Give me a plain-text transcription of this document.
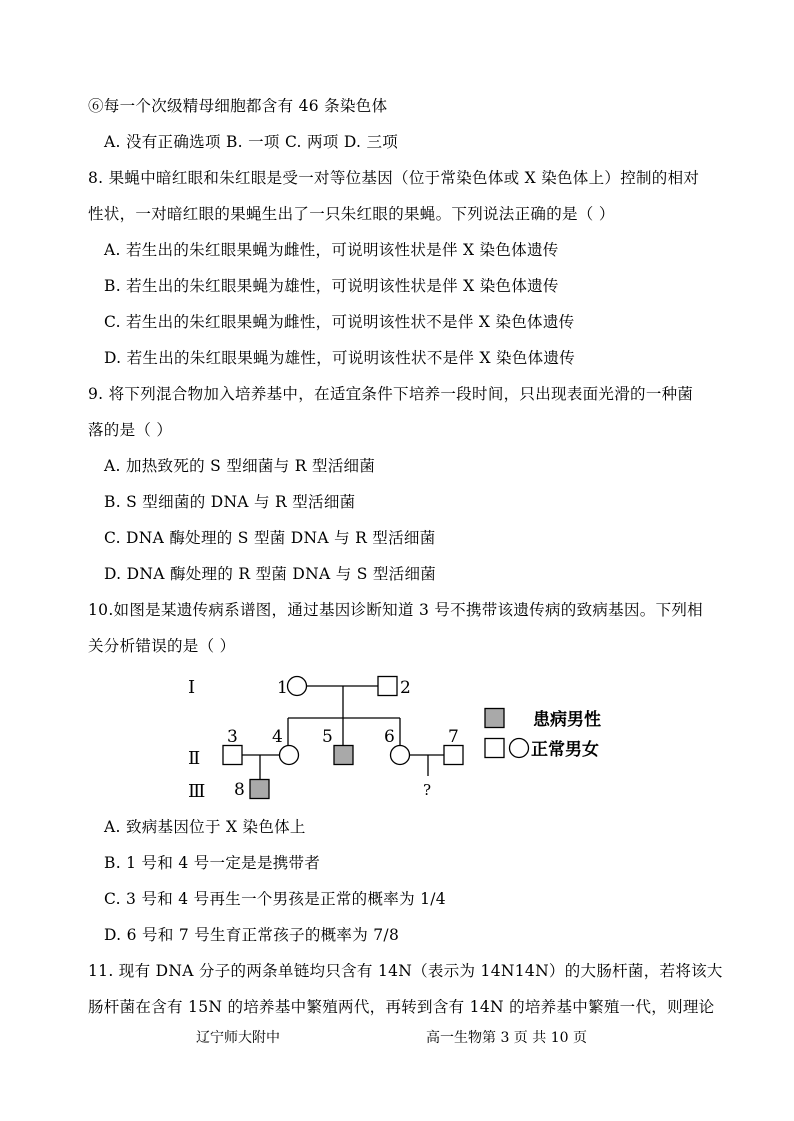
⑥每一个次级精母细胞都含有 46 条染色体
A. 没有正确选项 B. 一项 C. 两项 D. 三项
8. 果蝇中暗红眼和朱红眼是受一对等位基因（位于常染色体或 X 染色体上）控制的相对
性状，一对暗红眼的果蝇生出了一只朱红眼的果蝇。下列说法正确的是（ ）
A. 若生出的朱红眼果蝇为雌性，可说明该性状是伴 X 染色体遗传
B. 若生出的朱红眼果蝇为雄性，可说明该性状是伴 X 染色体遗传
C. 若生出的朱红眼果蝇为雌性，可说明该性状不是伴 X 染色体遗传
D. 若生出的朱红眼果蝇为雄性，可说明该性状不是伴 X 染色体遗传
9. 将下列混合物加入培养基中，在适宜条件下培养一段时间，只出现表面光滑的一种菌
落的是（ ）
A. 加热致死的 S 型细菌与 R 型活细菌
B. S 型细菌的 DNA 与 R 型活细菌
C. DNA 酶处理的 S 型菌 DNA 与 R 型活细菌
D. DNA 酶处理的 R 型菌 DNA 与 S 型活细菌
10.如图是某遗传病系谱图，通过基因诊断知道 3 号不携带该遗传病的致病基因。下列相
关分析错误的是（ ）
Ⅰ
Ⅱ
Ⅲ
1	2
3 4 5	6	7
8	?
患病男性
正常男女
A. 致病基因位于 X 染色体上
B. 1 号和 4 号一定是是携带者
C. 3 号和 4 号再生一个男孩是正常的概率为 1/4
D. 6 号和 7 号生育正常孩子的概率为 7/8
11. 现有 DNA 分子的两条单链均只含有 14N（表示为 14N14N）的大肠杆菌，若将该大
肠杆菌在含有 15N 的培养基中繁殖两代，再转到含有 14N 的培养基中繁殖一代，则理论
辽宁师大附中	高一生物第 3 页 共 10 页
